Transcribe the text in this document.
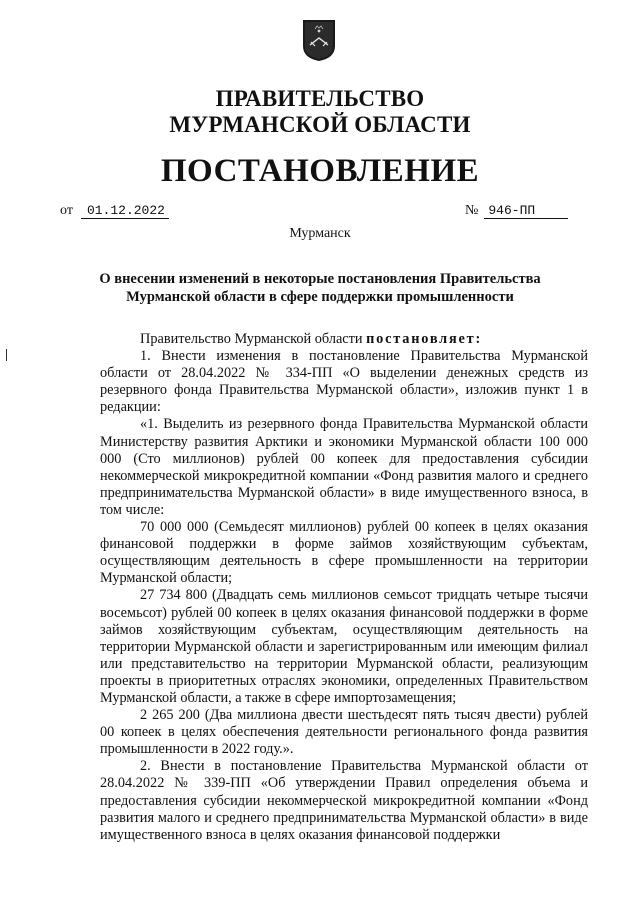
ПРАВИТЕЛЬСТВО
МУРМАНСКОЙ ОБЛАСТИ
ПОСТАНОВЛЕНИЕ
от 01.12.2022	№ 946-ПП
Мурманск
О внесении изменений в некоторые постановления Правительства
Мурманской области в сфере поддержки промышленности

Правительство Мурманской области постановляет:

1. Внести изменения в постановление Правительства Мурманской области от 28.04.2022 № 334-ПП «О выделении денежных средств из резервного фонда Правительства Мурманской области», изложив пункт 1 в редакции:

«1. Выделить из резервного фонда Правительства Мурманской области Министерству развития Арктики и экономики Мурманской области 100 000 000 (Сто миллионов) рублей 00 копеек для предоставления субсидии некоммерческой микрокредитной компании «Фонд развития малого и среднего предпринимательства Мурманской области» в виде имущественного взноса, в том числе:

70 000 000 (Семьдесят миллионов) рублей 00 копеек в целях оказания финансовой поддержки в форме займов хозяйствующим субъектам, осуществляющим деятельность в сфере промышленности на территории Мурманской области;

27 734 800 (Двадцать семь миллионов семьсот тридцать четыре тысячи восемьсот) рублей 00 копеек в целях оказания финансовой поддержки в форме займов хозяйствующим субъектам, осуществляющим деятельность на территории Мурманской области и зарегистрированным или имеющим филиал или представительство на территории Мурманской области, реализующим проекты в приоритетных отраслях экономики, определенных Правительством Мурманской области, а также в сфере импортозамещения;

2 265 200 (Два миллиона двести шестьдесят пять тысяч двести) рублей 00 копеек в целях обеспечения деятельности регионального фонда развития промышленности в 2022 году.».

2. Внести в постановление Правительства Мурманской области от 28.04.2022 № 339-ПП «Об утверждении Правил определения объема и предоставления субсидии некоммерческой микрокредитной компании «Фонд развития малого и среднего предпринимательства Мурманской области» в виде имущественного взноса в целях оказания финансовой поддержки
